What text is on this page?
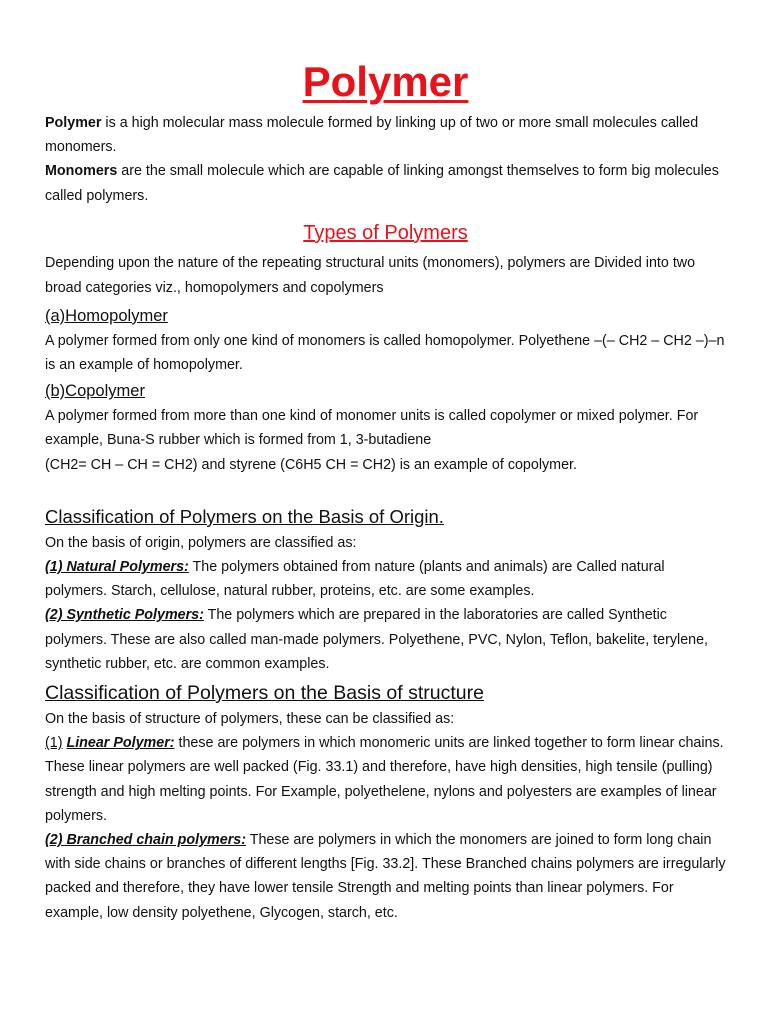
Polymer

Polymer is a high molecular mass molecule formed by linking up of two or more small molecules called monomers.

Monomers are the small molecule which are capable of linking amongst themselves to form big molecules called polymers.

Types of Polymers

Depending upon the nature of the repeating structural units (monomers), polymers are Divided into two broad categories viz., homopolymers and copolymers

(a)Homopolymer

A polymer formed from only one kind of monomers is called homopolymer. Polyethene –(– CH2 – CH2 –)–n is an example of homopolymer.

(b)Copolymer

A polymer formed from more than one kind of monomer units is called copolymer or mixed polymer. For example, Buna-S rubber which is formed from 1, 3-butadiene

(CH2= CH – CH = CH2) and styrene (C6H5 CH = CH2) is an example of copolymer.

Classification of Polymers on the Basis of Origin.

On the basis of origin, polymers are classified as:

(1) Natural Polymers: The polymers obtained from nature (plants and animals) are Called natural polymers. Starch, cellulose, natural rubber, proteins, etc. are some examples.

(2) Synthetic Polymers: The polymers which are prepared in the laboratories are called Synthetic polymers. These are also called man-made polymers. Polyethene, PVC, Nylon, Teflon, bakelite, terylene, synthetic rubber, etc. are common examples.

Classification of Polymers on the Basis of structure

On the basis of structure of polymers, these can be classified as:

(1) Linear Polymer: these are polymers in which monomeric units are linked together to form linear chains. These linear polymers are well packed (Fig. 33.1) and therefore, have high densities, high tensile (pulling) strength and high melting points. For Example, polyethelene, nylons and polyesters are examples of linear polymers.

(2) Branched chain polymers: These are polymers in which the monomers are joined to form long chain with side chains or branches of different lengths [Fig. 33.2]. These Branched chains polymers are irregularly packed and therefore, they have lower tensile Strength and melting points than linear polymers. For example, low density polyethene, Glycogen, starch, etc.
